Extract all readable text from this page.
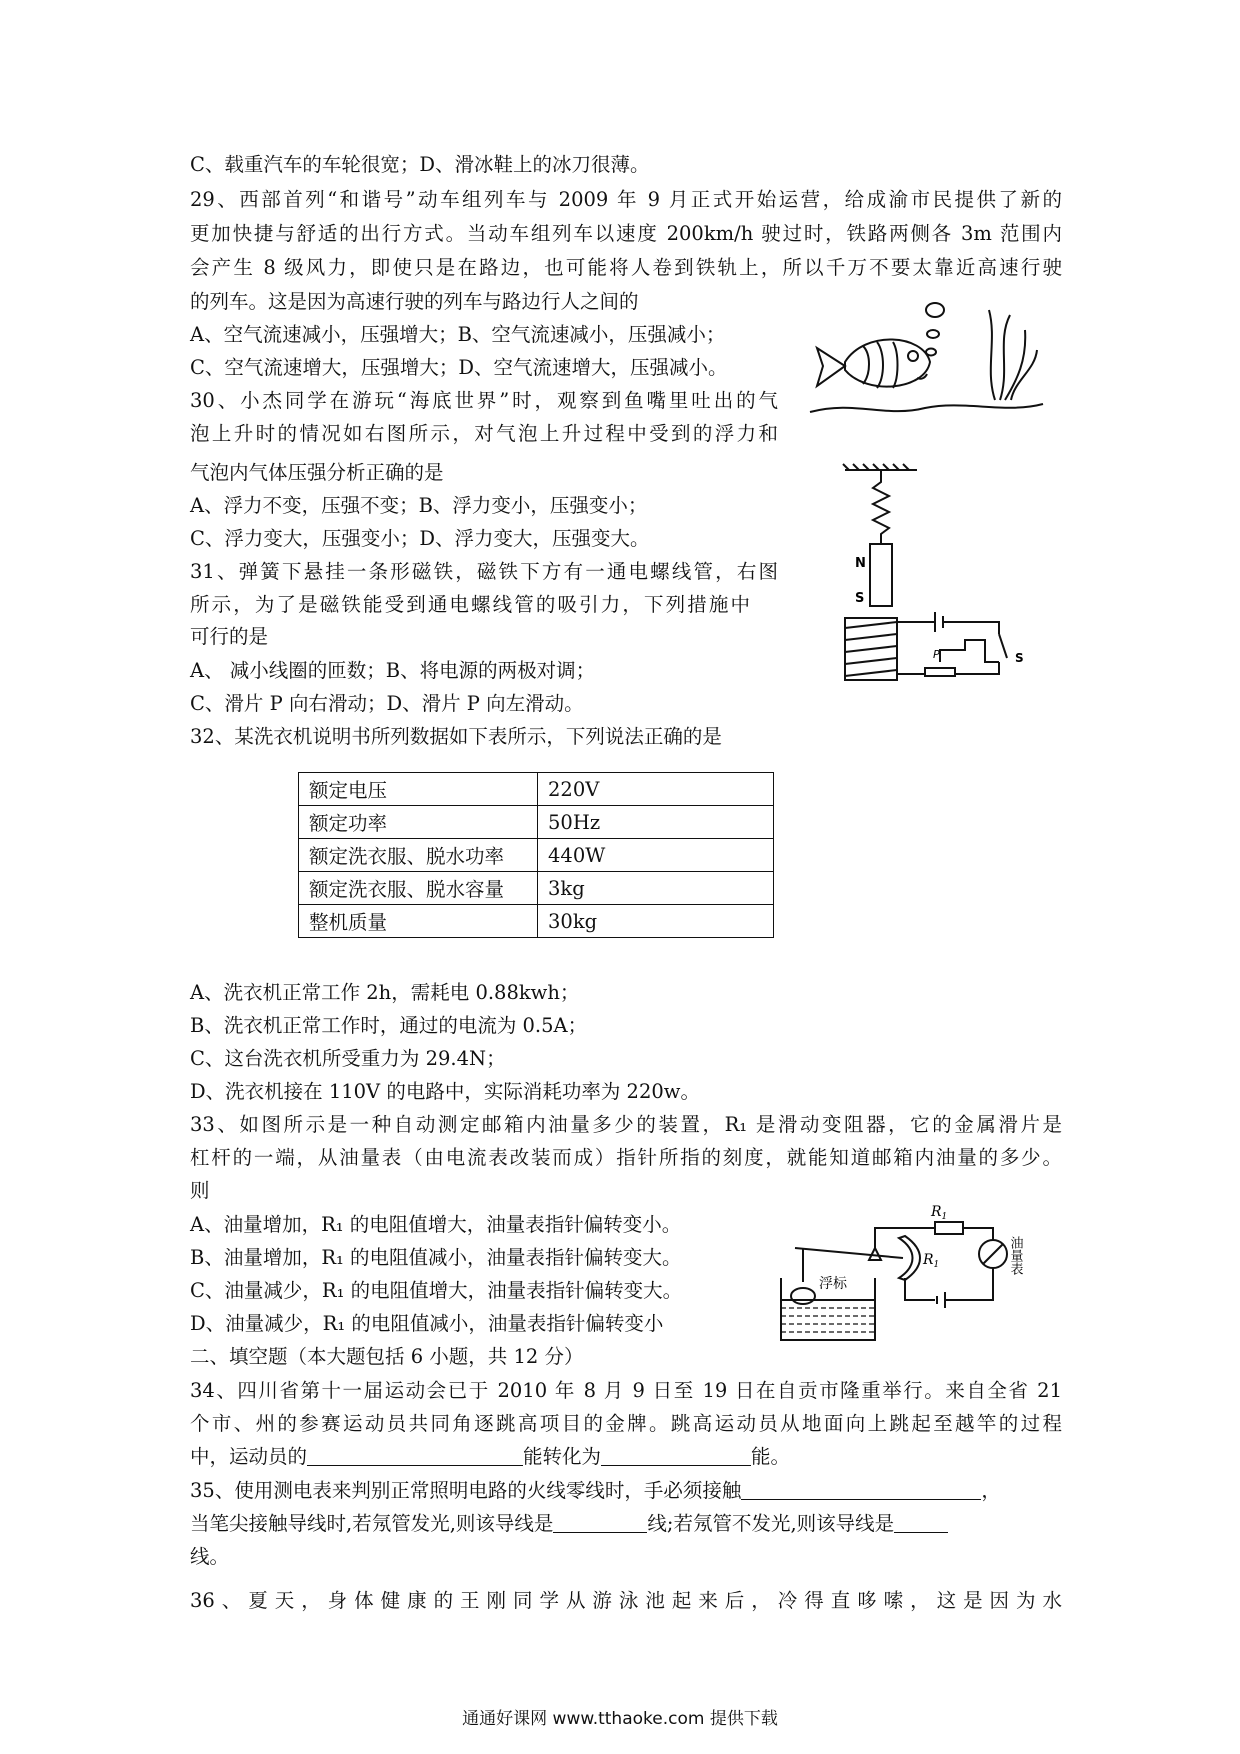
C、载重汽车的车轮很宽；D、滑冰鞋上的冰刀很薄。
29、西部首列“和谐号”动车组列车与 2009 年 9 月正式开始运营，给成渝市民提供了新的
更加快捷与舒适的出行方式。当动车组列车以速度 200km/h 驶过时，铁路两侧各 3m 范围内
会产生 8 级风力，即使只是在路边，也可能将人卷到铁轨上，所以千万不要太靠近高速行驶
的列车。这是因为高速行驶的列车与路边行人之间的
A、空气流速减小，压强增大；B、空气流速减小，压强减小；
C、空气流速增大，压强增大；D、空气流速增大，压强减小。
30、小杰同学在游玩“海底世界”时，观察到鱼嘴里吐出的气
泡上升时的情况如右图所示，对气泡上升过程中受到的浮力和
气泡内气体压强分析正确的是
A、浮力不变，压强不变；B、浮力变小，压强变小；
C、浮力变大，压强变小；D、浮力变大，压强变大。
31、弹簧下悬挂一条形磁铁，磁铁下方有一通电螺线管，右图
所示，为了是磁铁能受到通电螺线管的吸引力，下列措施中
可行的是
A、 减小线圈的匝数；B、将电源的两极对调；
C、滑片 P 向右滑动；D、滑片 P 向左滑动。
32、某洗衣机说明书所列数据如下表所示，下列说法正确的是
额定电压	220V
额定功率	50Hz
额定洗衣服、脱水功率	440W
额定洗衣服、脱水容量	3kg
整机质量	30kg
A、洗衣机正常工作 2h，需耗电 0.88kwh；
B、洗衣机正常工作时，通过的电流为 0.5A；
C、这台洗衣机所受重力为 29.4N；
D、洗衣机接在 110V 的电路中，实际消耗功率为 220w。
33、如图所示是一种自动测定邮箱内油量多少的装置，R₁ 是滑动变阻器，它的金属滑片是
杠杆的一端，从油量表（由电流表改装而成）指针所指的刻度，就能知道邮箱内油量的多少。
则
A、油量增加，R₁ 的电阻值增大，油量表指针偏转变小。
B、油量增加，R₁ 的电阻值减小，油量表指针偏转变大。
C、油量减少，R₁ 的电阻值增大，油量表指针偏转变大。
D、油量减少，R₁ 的电阻值减小，油量表指针偏转变小
二、填空题（本大题包括 6 小题，共 12 分）
34、四川省第十一届运动会已于 2010 年 8 月 9 日至 19 日在自贡市隆重举行。来自全省 21
个市、州的参赛运动员共同角逐跳高项目的金牌。跳高运动员从地面向上跳起至越竿的过程
中，运动员的	能转化为	能。
35、使用测电表来判别正常照明电路的火线零线时，手必须接触	，
当笔尖接触导线时,若氖管发光,则该导线是	线;若氖管不发光,则该导线是
线。
36、夏天，身体健康的王刚同学从游泳池起来后，冷得直哆嗦，这是因为水
N
S
S
P
$R_1$
$R_1$	油量表
浮标
通通好课网 www.tthaoke.com 提供下载
